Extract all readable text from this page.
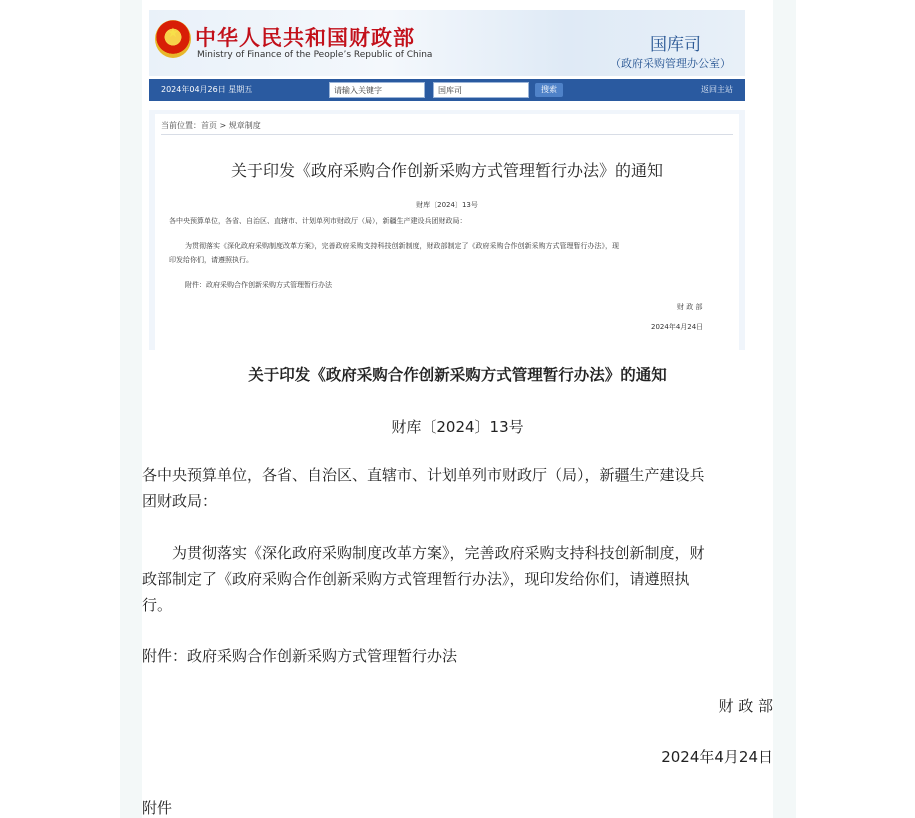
★ 中华人民共和国财政部
Ministry of Finance of the People’s Republic of China	国库司
（政府采购管理办公室）
2024年04月26日 星期五	请输入关键字	国库司	搜索	返回主站
当前位置：首页 > 规章制度
关于印发《政府采购合作创新采购方式管理暂行办法》的通知
财库〔2024〕13号
各中央预算单位，各省、自治区、直辖市、计划单列市财政厅（局），新疆生产建设兵团财政局：
为贯彻落实《深化政府采购制度改革方案》，完善政府采购支持科技创新制度，财政部制定了《政府采购合作创新采购方式管理暂行办法》，现
印发给你们，请遵照执行。
附件：政府采购合作创新采购方式管理暂行办法
财 政 部
2024年4月24日
关于印发《政府采购合作创新采购方式管理暂行办法》的通知
财库〔2024〕13号
各中央预算单位，各省、自治区、直辖市、计划单列市财政厅（局），新疆生产建设兵
团财政局：
为贯彻落实《深化政府采购制度改革方案》，完善政府采购支持科技创新制度，财
政部制定了《政府采购合作创新采购方式管理暂行办法》，现印发给你们，请遵照执
行。
附件：政府采购合作创新采购方式管理暂行办法
财 政 部
2024年4月24日
附件
